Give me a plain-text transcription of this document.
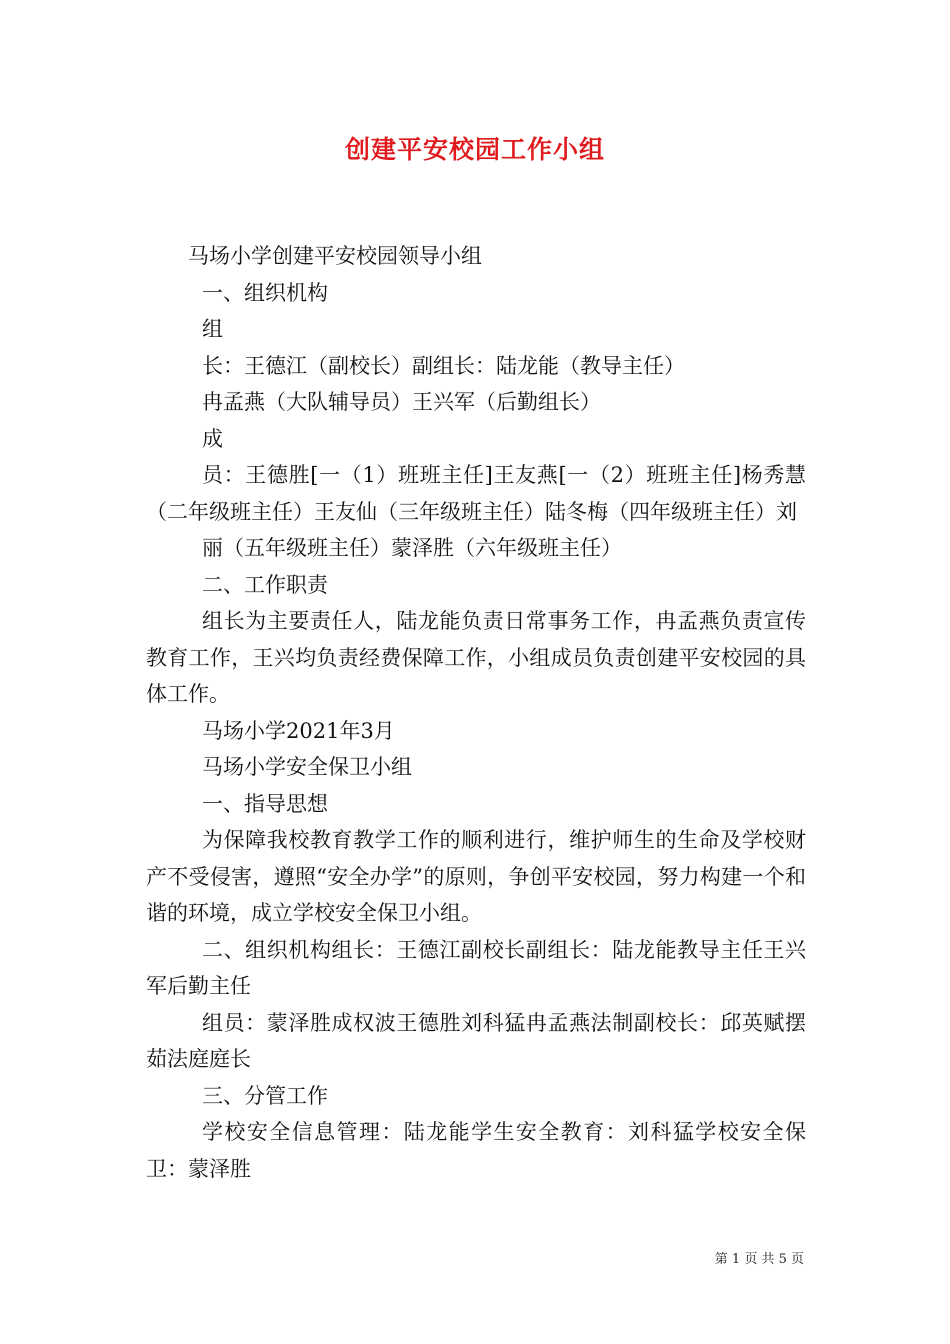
创建平安校园工作小组

马场小学创建平安校园领导小组

一、组织机构

组

长：王德江（副校长）副组长：陆龙能（教导主任）

冉孟燕（大队辅导员）王兴军（后勤组长）

成

员：王德胜[一（1）班班主任]王友燕[一（2）班班主任]杨秀慧（二年级班主任）王友仙（三年级班主任）陆冬梅（四年级班主任）刘

丽（五年级班主任）蒙泽胜（六年级班主任）

二、工作职责

组长为主要责任人，陆龙能负责日常事务工作，冉孟燕负责宣传教育工作，王兴均负责经费保障工作，小组成员负责创建平安校园的具体工作。

马场小学2021年3月

马场小学安全保卫小组

一、指导思想

为保障我校教育教学工作的顺利进行，维护师生的生命及学校财产不受侵害，遵照“安全办学”的原则，争创平安校园，努力构建一个和谐的环境，成立学校安全保卫小组。

二、组织机构组长：王德江副校长副组长：陆龙能教导主任王兴军后勤主任

组员：蒙泽胜成权波王德胜刘科猛冉孟燕法制副校长：邱英赋摆茹法庭庭长

三、分管工作

学校安全信息管理：陆龙能学生安全教育：刘科猛学校安全保卫：蒙泽胜

第 1 页 共 5 页
